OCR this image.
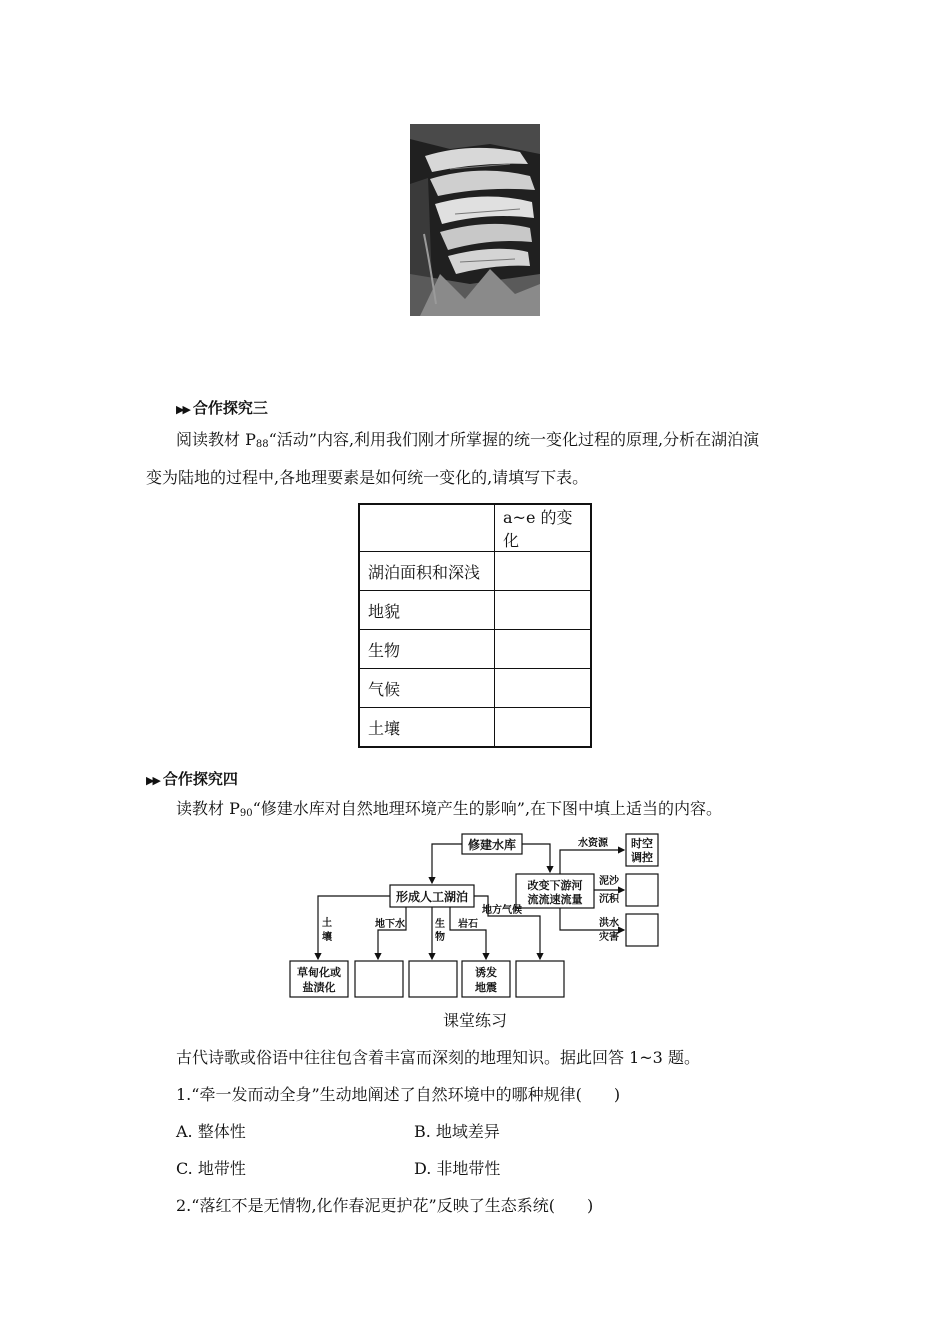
▶▶ 合作探究三
阅读教材 $P_{88}“$活动”内容,利用我们刚才所掌握的统一变化过程的原理,分析在湖泊演
变为陆地的过程中,各地理要素是如何统一变化的,请填写下表。
	a~e 的变化
湖泊面积和深浅	
地貌	
生物	
气候	
土壤	
▶▶ 合作探究四
读教材 $P_{90}“$修建水库对自然地理环境产生的影响”,在下图中填上适当的内容。
修建水库
形成人工湖泊
改变下游河
流流速流量
水资源 时空
调控
泥沙
沉积
洪水
灾害
土
壤
地下水	生
物
岩石
地方气候
草甸化或
盐渍化
诱发
地震
课堂练习
古代诗歌或俗语中往往包含着丰富而深刻的地理知识。据此回答 1~3 题。
1.“牵一发而动全身”生动地阐述了自然环境中的哪种规律(　　)
A. 整体性	B. 地域差异
C. 地带性	D. 非地带性
2.“落红不是无情物,化作春泥更护花”反映了生态系统(　　)
